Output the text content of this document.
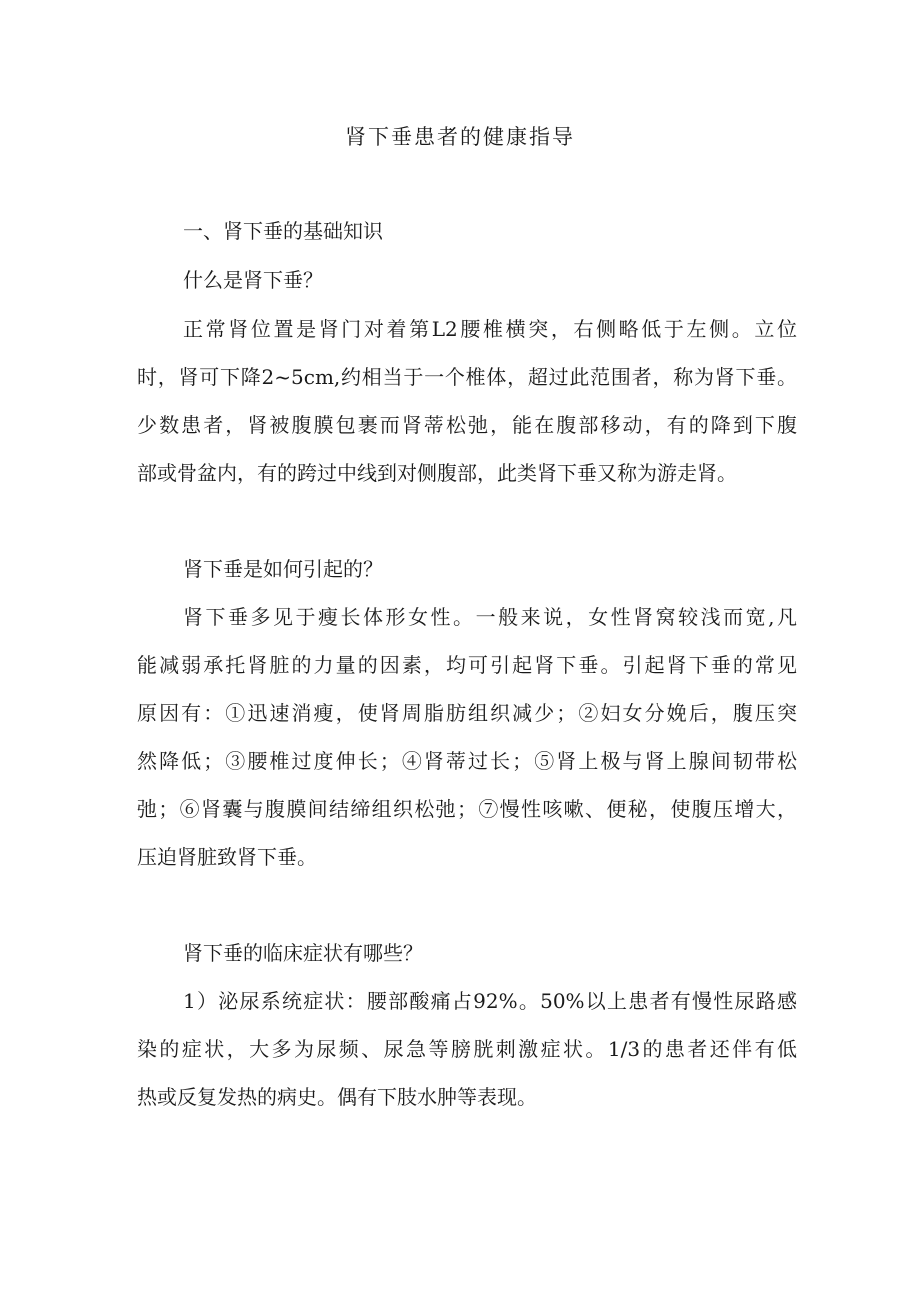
肾下垂患者的健康指导
一、肾下垂的基础知识
什么是肾下垂？
正常肾位置是肾门对着第L2腰椎横突，右侧略低于左侧。立位
时，肾可下降2~5cm,约相当于一个椎体，超过此范围者，称为肾下垂。
少数患者，肾被腹膜包裹而肾蒂松弛，能在腹部移动，有的降到下腹
部或骨盆内，有的跨过中线到对侧腹部，此类肾下垂又称为游走肾。
肾下垂是如何引起的？
肾下垂多见于瘦长体形女性。一般来说，女性肾窝较浅而宽,凡
能减弱承托肾脏的力量的因素，均可引起肾下垂。引起肾下垂的常见
原因有：①迅速消瘦，使肾周脂肪组织减少；②妇女分娩后，腹压突
然降低；③腰椎过度伸长；④肾蒂过长；⑤肾上极与肾上腺间韧带松
弛；⑥肾囊与腹膜间结缔组织松弛；⑦慢性咳嗽、便秘，使腹压增大，
压迫肾脏致肾下垂。
肾下垂的临床症状有哪些？
1）泌尿系统症状：腰部酸痛占92%。50%以上患者有慢性尿路感
染的症状，大多为尿频、尿急等膀胱刺激症状。1/3的患者还伴有低
热或反复发热的病史。偶有下肢水肿等表现。
